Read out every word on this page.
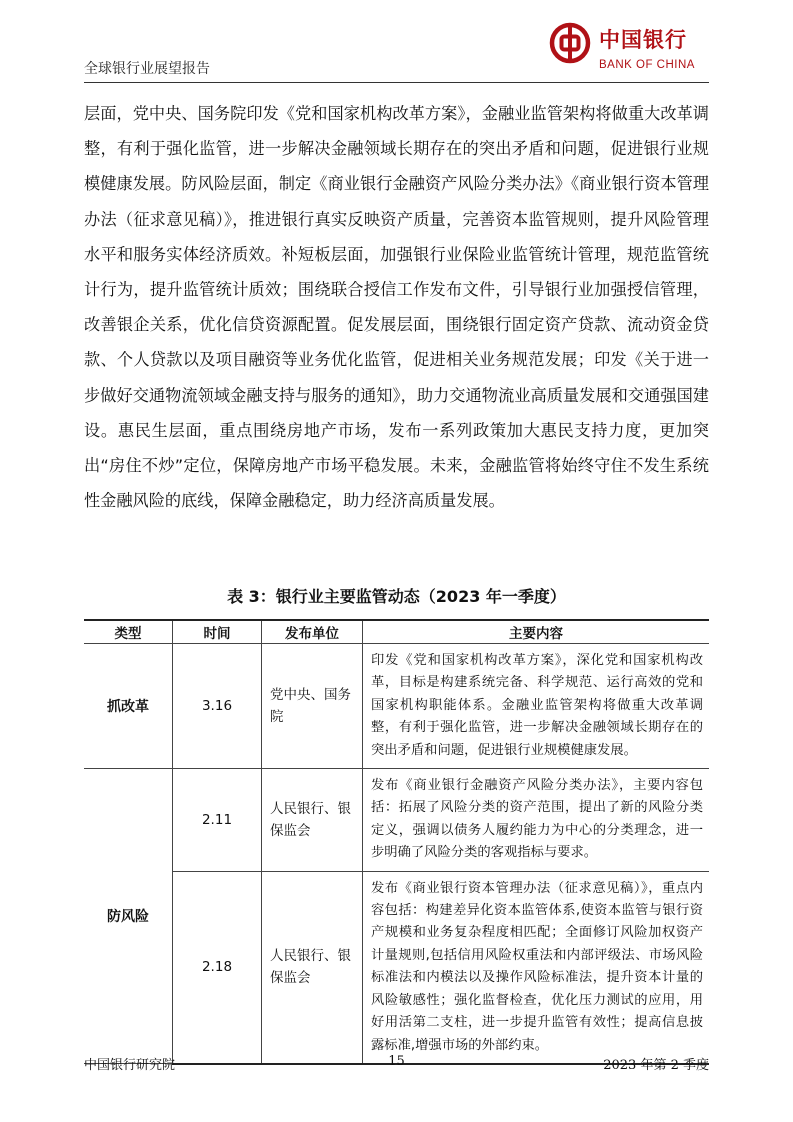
全球银行业展望报告
中国银行
BANK OF CHINA
层面，党中央、国务院印发《党和国家机构改革方案》，金融业监管架构将做重大改革调整，有利于强化监管，进一步解决金融领域长期存在的突出矛盾和问题，促进银行业规模健康发展。防风险层面，制定《商业银行金融资产风险分类办法》《商业银行资本管理办法（征求意见稿）》，推进银行真实反映资产质量，完善资本监管规则，提升风险管理水平和服务实体经济质效。补短板层面，加强银行业保险业监管统计管理，规范监管统计行为，提升监管统计质效；围绕联合授信工作发布文件，引导银行业加强授信管理，改善银企关系，优化信贷资源配置。促发展层面，围绕银行固定资产贷款、流动资金贷款、个人贷款以及项目融资等业务优化监管，促进相关业务规范发展；印发《关于进一步做好交通物流领域金融支持与服务的通知》，助力交通物流业高质量发展和交通强国建设。惠民生层面，重点围绕房地产市场，发布一系列政策加大惠民支持力度，更加突出“房住不炒”定位，保障房地产市场平稳发展。未来，金融监管将始终守住不发生系统性金融风险的底线，保障金融稳定，助力经济高质量发展。
表 3：银行业主要监管动态（2023 年一季度）
类型	时间	发布单位	主要内容
抓改革	3.16	党中央、国务院	印发《党和国家机构改革方案》，深化党和国家机构改革，目标是构建系统完备、科学规范、运行高效的党和国家机构职能体系。金融业监管架构将做重大改革调整，有利于强化监管，进一步解决金融领域长期存在的突出矛盾和问题，促进银行业规模健康发展。
防风险	2.11	人民银行、银保监会	发布《商业银行金融资产风险分类办法》，主要内容包括：拓展了风险分类的资产范围，提出了新的风险分类定义，强调以债务人履约能力为中心的分类理念，进一步明确了风险分类的客观指标与要求。
	2.18	人民银行、银保监会	发布《商业银行资本管理办法（征求意见稿）》，重点内容包括：构建差异化资本监管体系,使资本监管与银行资产规模和业务复杂程度相匹配；全面修订风险加权资产计量规则,包括信用风险权重法和内部评级法、市场风险标准法和内模法以及操作风险标准法，提升资本计量的风险敏感性；强化监督检查，优化压力测试的应用，用好用活第二支柱，进一步提升监管有效性；提高信息披露标准,增强市场的外部约束。
中国银行研究院	15	2023 年第 2 季度
